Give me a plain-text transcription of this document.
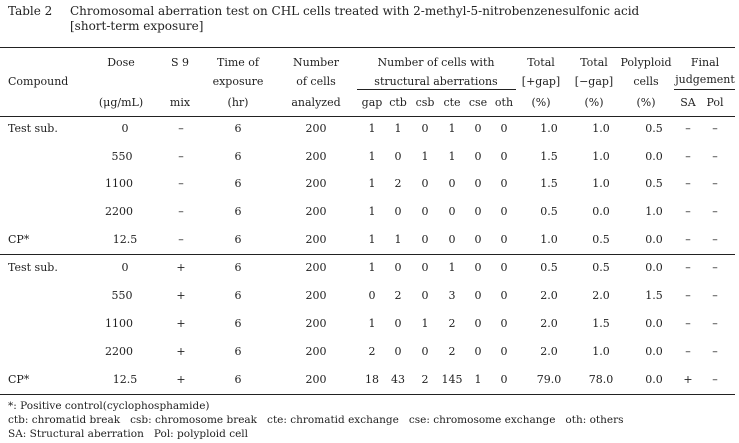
Table 2 Chromosomal aberration test on CHL cells treated with 2-methyl-5-nitrobenzenesulfonic acid
[short-term exposure]
Compound
Dose
(μg/mL)
S 9
mix
Time of
exposure
(hr)
Number
of cells
analyzed
Number of cells with
structural aberrations
gap ctb csb cte cse oth
Total
[+gap]
(%)
Total
[−gap]
(%)
Polyploid
cells
(%)
Final
judgement
SA Pol
Test sub.	0	–	6	200	1 1 0 1 0 0	1.0	1.0	0.5 – –
550	–	6	200	1 0 1 1 0 0	1.5	1.0	0.0 – –
1100	–	6	200	1 2 0 0 0 0	1.5	1.0	0.5 – –
2200	–	6	200	1 0 0 0 0 0	0.5	0.0	1.0 – –
CP*	12.5	–	6	200	1 1 0 0 0 0	1.0	0.5	0.0 – –
Test sub.	0	+	6	200	1 0 0 1 0 0	0.5	0.5	0.0 – –
550	+	6	200	0 2 0 3 0 0	2.0	2.0	1.5 – –
1100	+	6	200	1 0 1 2 0 0	2.0	1.5	0.0 – –
2200	+	6	200	2 0 0 2 0 0	2.0	1.0	0.0 – –
CP*	12.5	+	6	200	18 43 2 145 1 0	79.0	78.0	0.0 + –
*: Positive control(cyclophosphamide)
ctb: chromatid break   csb: chromosome break   cte: chromatid exchange   cse: chromosome exchange   oth: others
SA: Structural aberration   Pol: polyploid cell
